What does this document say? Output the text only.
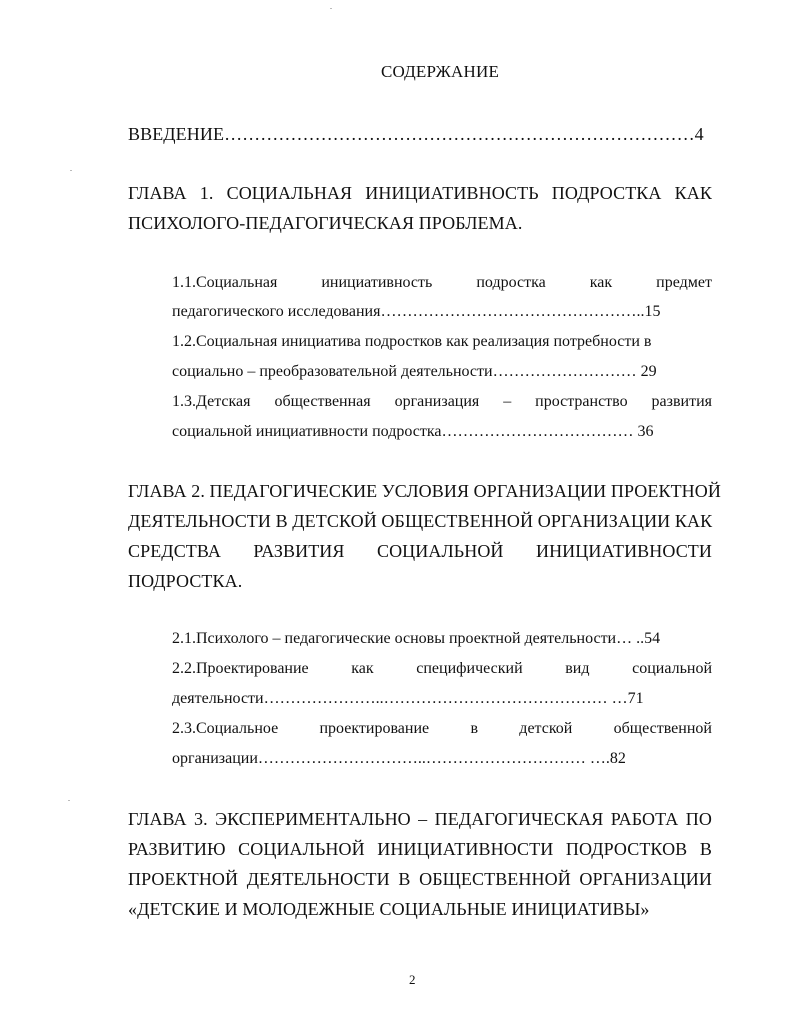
СОДЕРЖАНИЕ
ВВЕДЕНИЕ……………………………………………………………………4
ГЛАВА 1. СОЦИАЛЬНАЯ ИНИЦИАТИВНОСТЬ ПОДРОСТКА КАК
ПСИХОЛОГО-ПЕДАГОГИЧЕСКАЯ ПРОБЛЕМА.
1.1.Социальная	инициативность	подростка	как	предмет
педагогического исследования…………………………………………..15
1.2.Социальная инициатива подростков как реализация потребности в
социально – преобразовательной деятельности……………………… 29
1.3.Детская общественная организация – пространство развития
социальной инициативности подростка……………………………… 36
ГЛАВА 2. ПЕДАГОГИЧЕСКИЕ УСЛОВИЯ ОРГАНИЗАЦИИ ПРОЕКТНОЙ
ДЕЯТЕЛЬНОСТИ В ДЕТСКОЙ ОБЩЕСТВЕННОЙ ОРГАНИЗАЦИИ КАК
СРЕДСТВА РАЗВИТИЯ СОЦИАЛЬНОЙ ИНИЦИАТИВНОСТИ
ПОДРОСТКА.
2.1.Психолого – педагогические основы проектной деятельности… ..54
2.2.Проектирование	как	специфический	вид	социальной
деятельности…………………..…………………………………… …71
2.3.Социальное	проектирование	в	детской	общественной
организации…………………………..………………………… ….82
ГЛАВА 3. ЭКСПЕРИМЕНТАЛЬНО – ПЕДАГОГИЧЕСКАЯ РАБОТА ПО
РАЗВИТИЮ СОЦИАЛЬНОЙ ИНИЦИАТИВНОСТИ ПОДРОСТКОВ В
ПРОЕКТНОЙ ДЕЯТЕЛЬНОСТИ В ОБЩЕСТВЕННОЙ ОРГАНИЗАЦИИ
«ДЕТСКИЕ И МОЛОДЕЖНЫЕ СОЦИАЛЬНЫЕ ИНИЦИАТИВЫ»
2
